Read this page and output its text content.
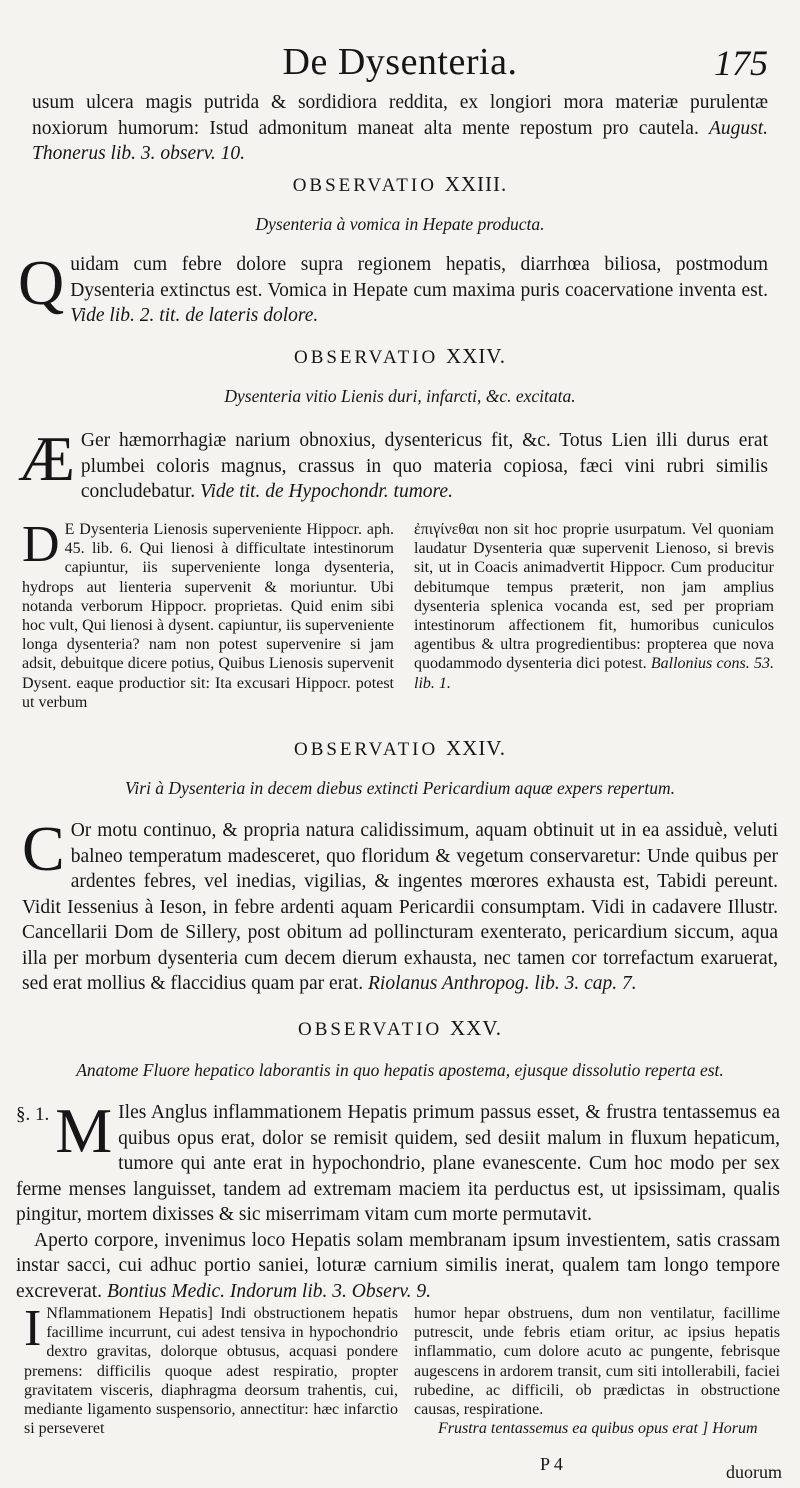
De Dysenteria.	175

usum ulcera magis putrida & sordidiora reddita, ex longiori mora materiæ purulentæ noxiorum humorum: Istud admonitum maneat alta mente repostum pro cautela. August. Thonerus lib. 3. observ. 10.

OBSERVATIO XXIII.
Dysenteria à vomica in Hepate producta.
Q uidam cum febre dolore supra regionem hepatis, diarrhœa biliosa, postmodum Dysenteria extinctus est. Vomica in Hepate cum maxima puris coacervatione inventa est. Vide lib. 2. tit. de lateris dolore.

OBSERVATIO XXIV.
Dysenteria vitio Lienis duri, infarcti, &c. excitata.
Æ Ger hæmorrhagiæ narium obnoxius, dysentericus fit, &c. Totus Lien illi durus erat plumbei coloris magnus, crassus in quo materia copiosa, fæci vini rubri similis concludebatur. Vide tit. de Hypochondr. tumore.

D E Dysenteria Lienosis superveniente Hippocr. aph. 45. lib. 6. Qui lienosi à difficultate intestinorum capiuntur, iis superveniente longa dysenteria, hydrops aut lienteria supervenit & moriuntur. Ubi notanda verborum Hippocr. proprietas. Quid enim sibi hoc vult, Qui lienosi à dysent. capiuntur, iis superveniente longa dysenteria? nam non potest supervenire si jam adsit, debuitque dicere potius, Quibus Lienosis supervenit Dysent. eaque productior sit: Ita excusari Hippocr. potest ut verbum

ἐπιγίνεθαι non sit hoc proprie usurpatum. Vel quoniam laudatur Dysenteria quæ supervenit Lienoso, si brevis sit, ut in Coacis animadvertit Hippocr. Cum producitur debitumque tempus præterit, non jam amplius dysenteria splenica vocanda est, sed per propriam intestinorum affectionem fit, humoribus cuniculos agentibus & ultra progredientibus: propterea que nova quodammodo dysenteria dici potest. Ballonius cons. 53. lib. 1.

OBSERVATIO XXIV.
Viri à Dysenteria in decem diebus extincti Pericardium aquæ expers repertum.
C Or motu continuo, & propria natura calidissimum, aquam obtinuit ut in ea assiduè, veluti balneo temperatum madesceret, quo floridum & vegetum conservaretur: Unde quibus per ardentes febres, vel inedias, vigilias, & ingentes mœrores exhausta est, Tabidi pereunt. Vidit Iessenius à Ieson, in febre ardenti aquam Pericardii consumptam. Vidi in cadavere Illustr. Cancellarii Dom de Sillery, post obitum ad pollincturam exenterato, pericardium siccum, aqua illa per morbum dysenteria cum decem dierum exhausta, nec tamen cor torrefactum exaruerat, sed erat mollius & flaccidius quam par erat. Riolanus Anthropog. lib. 3. cap. 7.

OBSERVATIO XXV.
Anatome Fluore hepatico laborantis in quo hepatis apostema, ejusque dissolutio reperta est.
§. 1. M Iles Anglus inflammationem Hepatis primum passus esset, & frustra tentassemus ea quibus opus erat, dolor se remisit quidem, sed desiit malum in fluxum hepaticum, tumore qui ante erat in hypochondrio, plane evanescente. Cum hoc modo per sex ferme menses languisset, tandem ad extremam maciem ita perductus est, ut ipsissimam, qualis pingitur, mortem dixisses & sic miserrimam vitam cum morte permutavit.

Aperto corpore, invenimus loco Hepatis solam membranam ipsum investientem, satis crassam instar sacci, cui adhuc portio saniei, loturæ carnium similis inerat, qualem tam longo tempore excreverat. Bontius Medic. Indorum lib. 3. Observ. 9.

I Nflammationem Hepatis] Indi obstructionem hepatis facillime incurrunt, cui adest tensiva in hypochondrio dextro gravitas, dolorque obtusus, acquasi pondere premens: difficilis quoque adest respiratio, propter gravitatem visceris, diaphragma deorsum trahentis, cui, mediante ligamento suspensorio, annectitur: hæc infarctio si perseveret

humor hepar obstruens, dum non ventilatur, facillime putrescit, unde febris etiam oritur, ac ipsius hepatis inflammatio, cum dolore acuto ac pungente, febrisque augescens in ardorem transit, cum siti intollerabili, faciei rubedine, ac difficili, ob prædictas in obstructione causas, respiratione.

Frustra tentassemus ea quibus opus erat ] Horum

P 4	duorum
